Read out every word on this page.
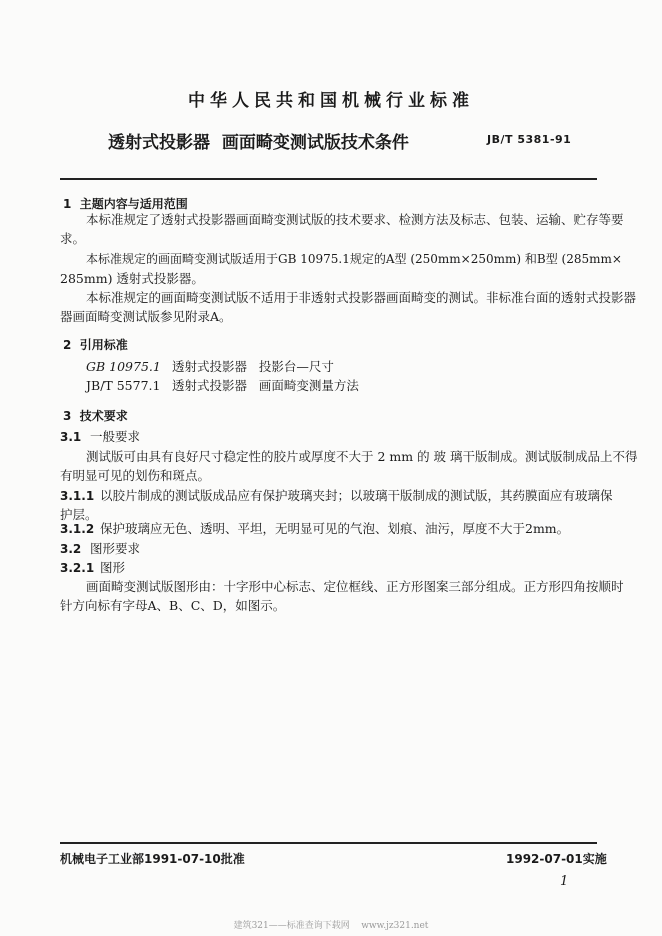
中华人民共和国机械行业标准
透射式投影器  画面畸变测试版技术条件	JB/T 5381-91
1  主题内容与适用范围
本标准规定了透射式投影器画面畸变测试版的技术要求、检测方法及标志、包装、运输、贮存等要
求。
本标准规定的画面畸变测试版适用于GB 10975.1规定的A型 (250mm×250mm) 和B型 (285mm×
285mm) 透射式投影器。
本标准规定的画面畸变测试版不适用于非透射式投影器画面畸变的测试。非标准台面的透射式投影器
器画面畸变测试版参见附录A。
2  引用标准
GB 10975.1 透射式投影器   投影台—尺寸
JB/T 5577.1 透射式投影器   画面畸变测量方法
3  技术要求
3.1 一般要求
测试版可由具有良好尺寸稳定性的胶片或厚度不大于 2 mm 的 玻 璃干版制成。测试版制成品上不得
有明显可见的划伤和斑点。
3.1.1 以胶片制成的测试版成品应有保护玻璃夹封；以玻璃干版制成的测试版，其药膜面应有玻璃保
护层。
3.1.2 保护玻璃应无色、透明、平坦，无明显可见的气泡、划痕、油污，厚度不大于2mm。
3.2 图形要求
3.2.1 图形
画面畸变测试版图形由：十字形中心标志、定位框线、正方形图案三部分组成。正方形四角按顺时
针方向标有字母A、B、C、D，如图示。
机械电子工业部1991-07-10批准	1992-07-01实施
1
建筑321——标准查询下载网    www.jz321.net
